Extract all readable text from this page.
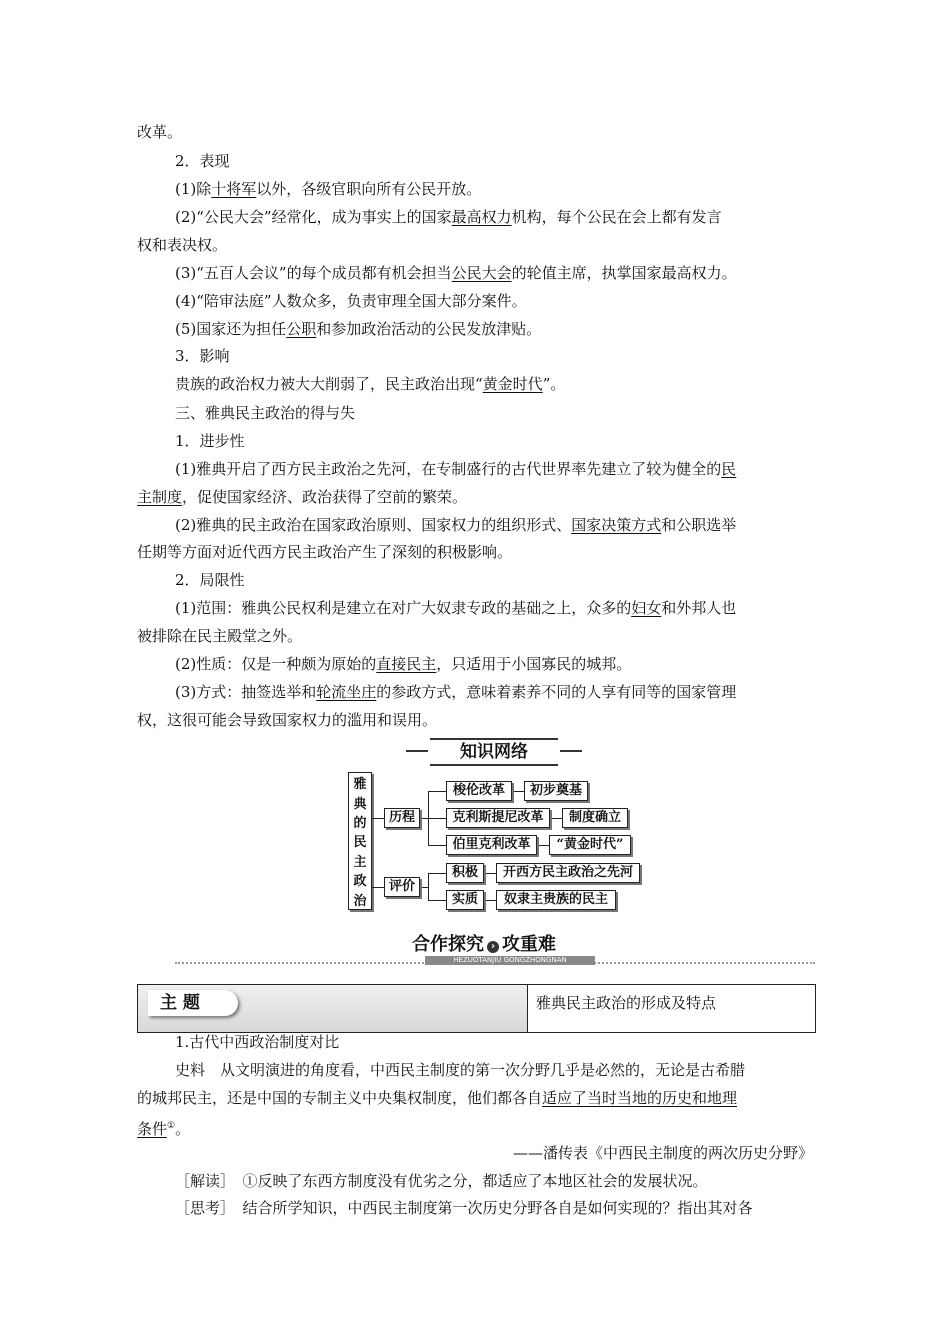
改革。
2．表现
(1)除十将军以外，各级官职向所有公民开放。
(2)“公民大会”经常化，成为事实上的国家最高权力机构，每个公民在会上都有发言
权和表决权。
(3)“五百人会议”的每个成员都有机会担当公民大会的轮值主席，执掌国家最高权力。
(4)“陪审法庭”人数众多，负责审理全国大部分案件。
(5)国家还为担任公职和参加政治活动的公民发放津贴。
3．影响
贵族的政治权力被大大削弱了，民主政治出现“黄金时代”。
三、雅典民主政治的得与失
1．进步性
(1)雅典开启了西方民主政治之先河，在专制盛行的古代世界率先建立了较为健全的民
主制度，促使国家经济、政治获得了空前的繁荣。
(2)雅典的民主政治在国家政治原则、国家权力的组织形式、国家决策方式和公职选举
任期等方面对近代西方民主政治产生了深刻的积极影响。
2．局限性
(1)范围：雅典公民权利是建立在对广大奴隶专政的基础之上，众多的妇女和外邦人也
被排除在民主殿堂之外。
(2)性质：仅是一种颇为原始的直接民主，只适用于小国寡民的城邦。
(3)方式：抽签选举和轮流坐庄的参政方式，意味着素养不同的人享有同等的国家管理
权，这很可能会导致国家权力的滥用和误用。
知识网络
雅
典
的
民
主
政
治
历程
评价
梭伦改革
克利斯提尼改革
伯里克利改革
初步奠基
制度确立
“黄金时代”
积极
实质
开西方民主政治之先河
奴隶主贵族的民主
合作探究 › 攻重难
HEZUOTANJIU GONGZHONGNAN
主 题	雅典民主政治的形成及特点
1.古代中西政治制度对比
史料　从文明演进的角度看，中西民主制度的第一次分野几乎是必然的，无论是古希腊
的城邦民主，还是中国的专制主义中央集权制度，他们都各自适应了当时当地的历史和地理
条件①。
——潘传表《中西民主制度的两次历史分野》
［解读］　①反映了东西方制度没有优劣之分，都适应了本地区社会的发展状况。
［思考］　结合所学知识，中西民主制度第一次历史分野各自是如何实现的？指出其对各
